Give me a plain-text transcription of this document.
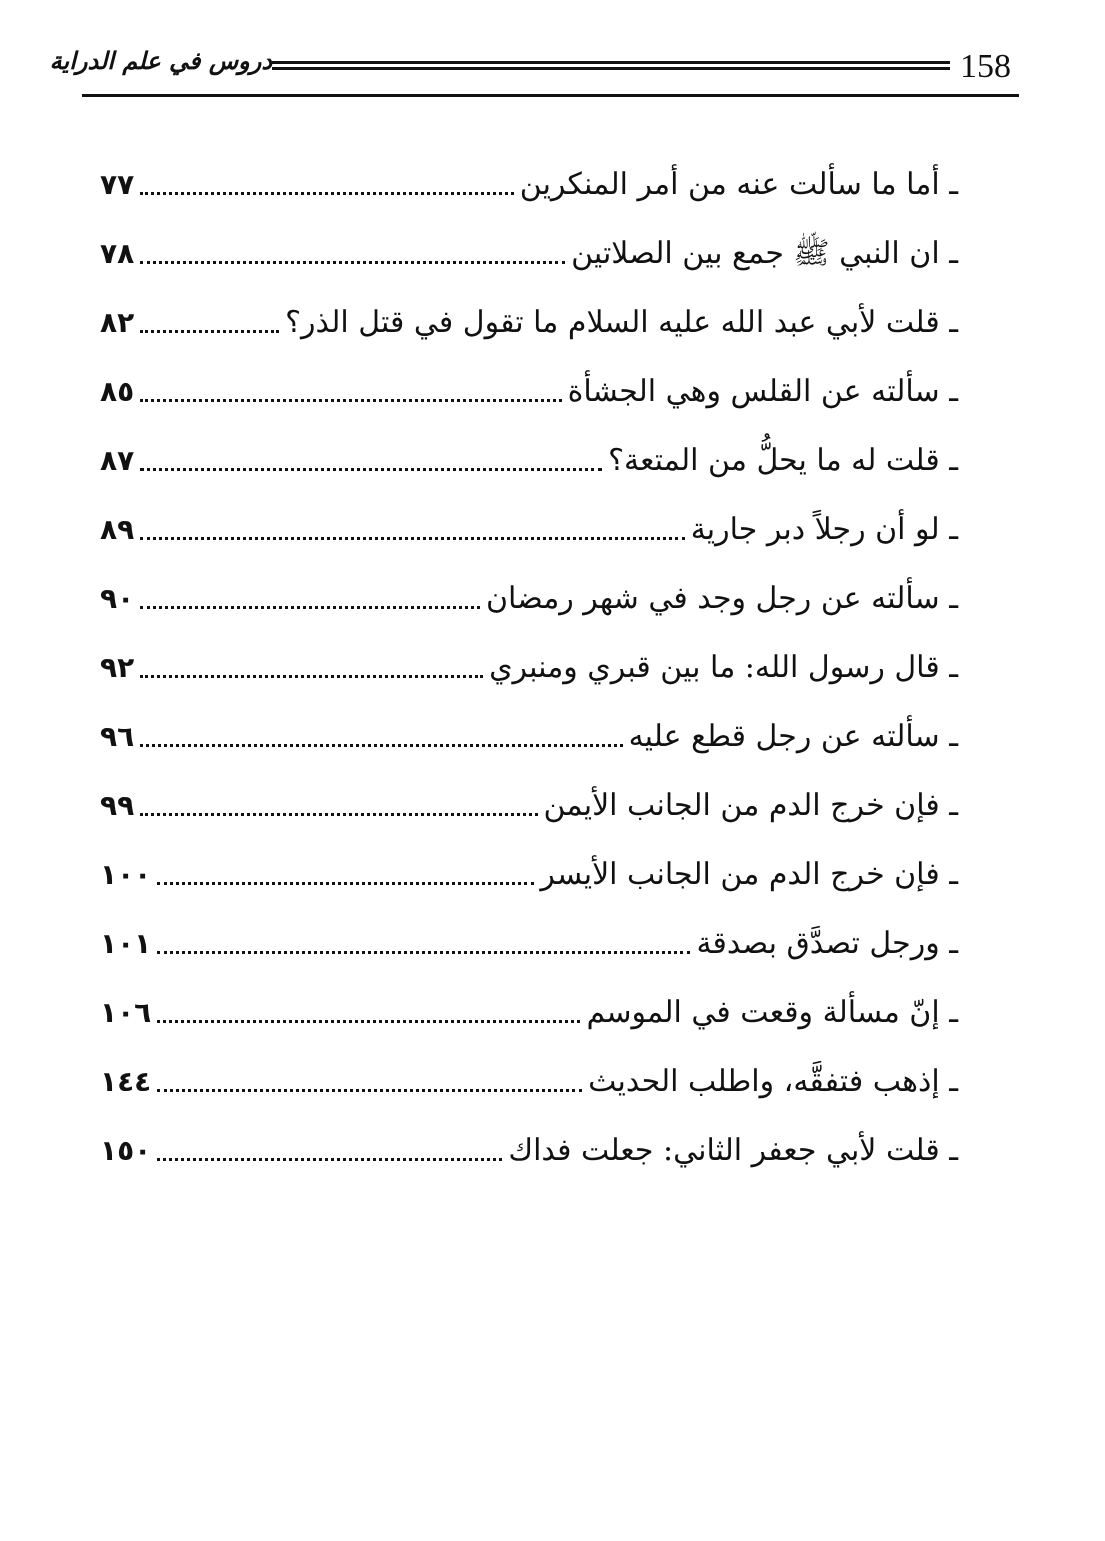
دروس في علم الدراية	158
ـ أما ما سألت عنه من أمر المنكرين
٧٧
ـ ان النبي ﷺ جمع بين الصلاتين
٧٨
ـ قلت لأبي عبد الله عليه السلام ما تقول في قتل الذر؟
٨٢
ـ سألته عن القلس وهي الجشأة
٨٥
ـ قلت له ما يحلُّ من المتعة؟
٨٧
ـ لو أن رجلاً دبر جارية
٨٩
ـ سألته عن رجل وجد في شهر رمضان
٩٠
ـ قال رسول الله: ما بين قبري ومنبري
٩٢
ـ سألته عن رجل قطع عليه
٩٦
ـ فإن خرج الدم من الجانب الأيمن
٩٩
ـ فإن خرج الدم من الجانب الأيسر
١٠٠
ـ ورجل تصدَّق بصدقة
١٠١
ـ إنّ مسألة وقعت في الموسم
١٠٦
ـ إذهب فتفقَّه، واطلب الحديث
١٤٤
ـ قلت لأبي جعفر الثاني: جعلت فداك
١٥٠
